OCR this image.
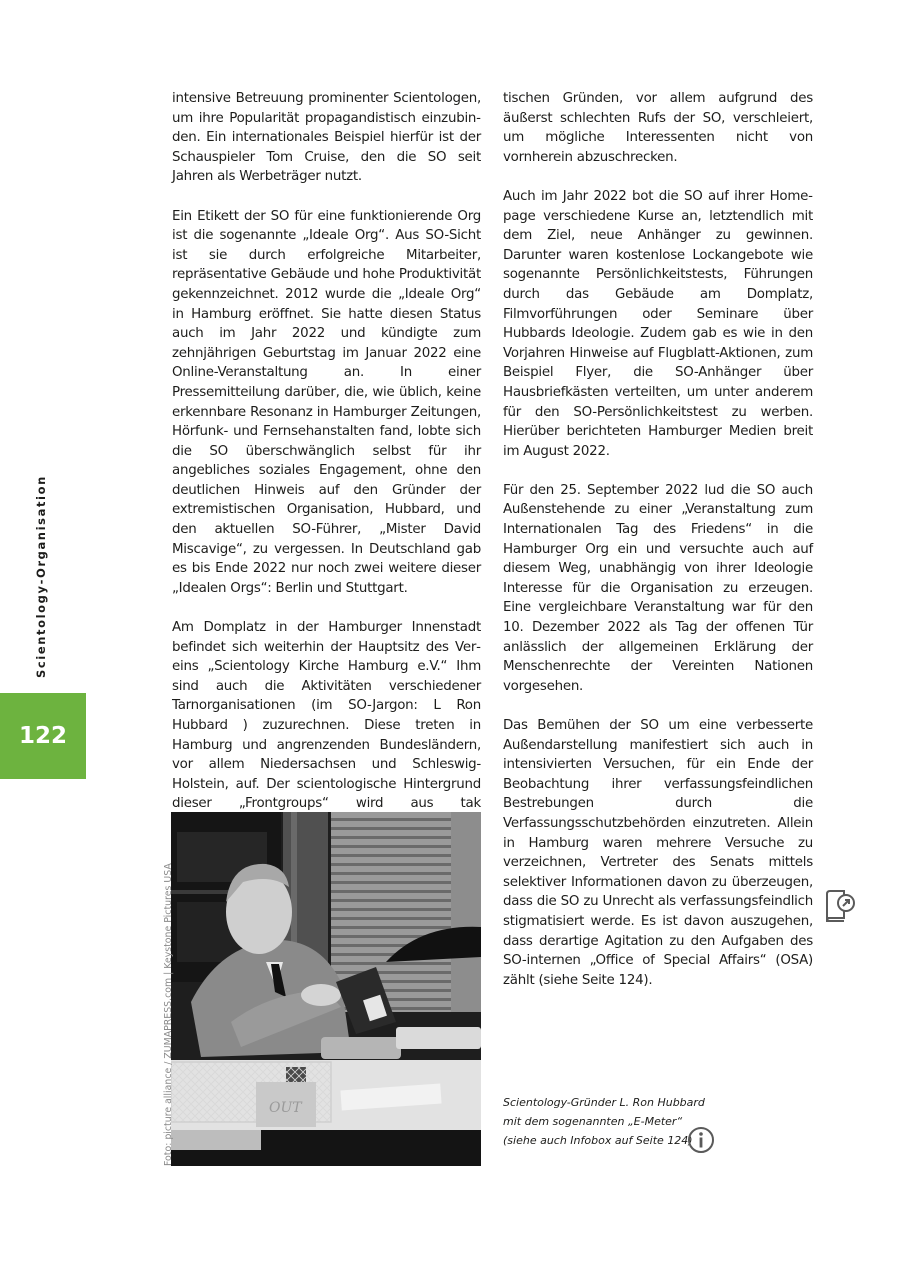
Scientology-Organisation
122

intensive Betreuung prominenter Scientologen, um ihre Popularität propagandistisch einzubinden. Ein internationales Beispiel hierfür ist der Schauspieler Tom Cruise, den die SO seit Jahren als Werbeträger nutzt.

Ein Etikett der SO für eine funktionierende Org ist die sogenannte „Ideale Org“. Aus SO-Sicht ist sie durch erfolgreiche Mitarbeiter, repräsentative Gebäude und hohe Produktivität gekennzeichnet. 2012 wurde die „Ideale Org“ in Hamburg eröffnet. Sie hatte diesen Status auch im Jahr 2022 und kündigte zum zehnjährigen Geburtstag im Januar 2022 eine Online-Veranstaltung an. In einer Pressemitteilung darüber, die, wie üblich, keine erkennbare Resonanz in Hamburger Zeitungen, Hörfunk- und Fernsehanstalten fand, lobte sich die SO überschwänglich selbst für ihr angebliches soziales Engagement, ohne den deutlichen Hinweis auf den Gründer der extremistischen Organisation, Hubbard, und den aktuellen SO-Führer, „Mister David Miscavige“, zu vergessen. In Deutschland gab es bis Ende 2022 nur noch zwei weitere dieser „Idealen Orgs“: Berlin und Stuttgart.

Am Domplatz in der Hamburger Innenstadt befindet sich weiterhin der Hauptsitz des Vereins „Scientology Kirche Hamburg e.V.“ Ihm sind auch die Aktivitäten verschiedener Tarnorganisationen (im SO-Jargon: L Ron Hubbard ) zuzurechnen. Diese treten in Hamburg und angrenzenden Bundesländern, vor allem Niedersachsen und Schleswig-Holstein, auf. Der scientologische Hintergrund dieser „Frontgroups“ wird aus tak

tischen Gründen, vor allem aufgrund des äußerst schlechten Rufs der SO, verschleiert, um mögliche Interessenten nicht von vornherein abzuschrecken.

Auch im Jahr 2022 bot die SO auf ihrer Homepage verschiedene Kurse an, letztendlich mit dem Ziel, neue Anhänger zu gewinnen. Darunter waren kostenlose Lockangebote wie sogenannte Persönlichkeitstests, Führungen durch das Gebäude am Domplatz, Filmvorführungen oder Seminare über Hubbards Ideologie. Zudem gab es wie in den Vorjahren Hinweise auf Flugblatt-Aktionen, zum Beispiel Flyer, die SO-Anhänger über Hausbriefkästen verteilten, um unter anderem für den SO-Persönlichkeitstest zu werben. Hierüber berichteten Hamburger Medien breit im August 2022.

Für den 25. September 2022 lud die SO auch Außenstehende zu einer „Veranstaltung zum Internationalen Tag des Friedens“ in die Hamburger Org ein und versuchte auch auf diesem Weg, unabhängig von ihrer Ideologie Interesse für die Organisation zu erzeugen. Eine vergleichbare Veranstaltung war für den 10. Dezember 2022 als Tag der offenen Tür anlässlich der allgemeinen Erklärung der Menschenrechte der Vereinten Nationen vorgesehen.

Das Bemühen der SO um eine verbesserte Außendarstellung manifestiert sich auch in intensivierten Versuchen, für ein Ende der Beobachtung ihrer verfassungsfeindlichen Bestrebungen durch die Verfassungsschutzbehörden einzutreten. Allein in Hamburg waren mehrere Versuche zu verzeichnen, Vertreter des Senats mittels selektiver Informationen davon zu überzeugen, dass die SO zu Unrecht als verfassungsfeindlich stigmatisiert werde. Es ist davon auszugehen, dass derartige Agitation zu den Aufgaben des SO-internen „Office of Special Affairs“ (OSA) zählt (siehe Seite 124).

OUT
Foto: picture alliance / ZUMAPRESS.com | Keystone Pictures USA	Scientology-Gründer L. Ron Hubbard
mit dem sogenannten „E-Meter“
(siehe auch Infobox auf Seite 124)
